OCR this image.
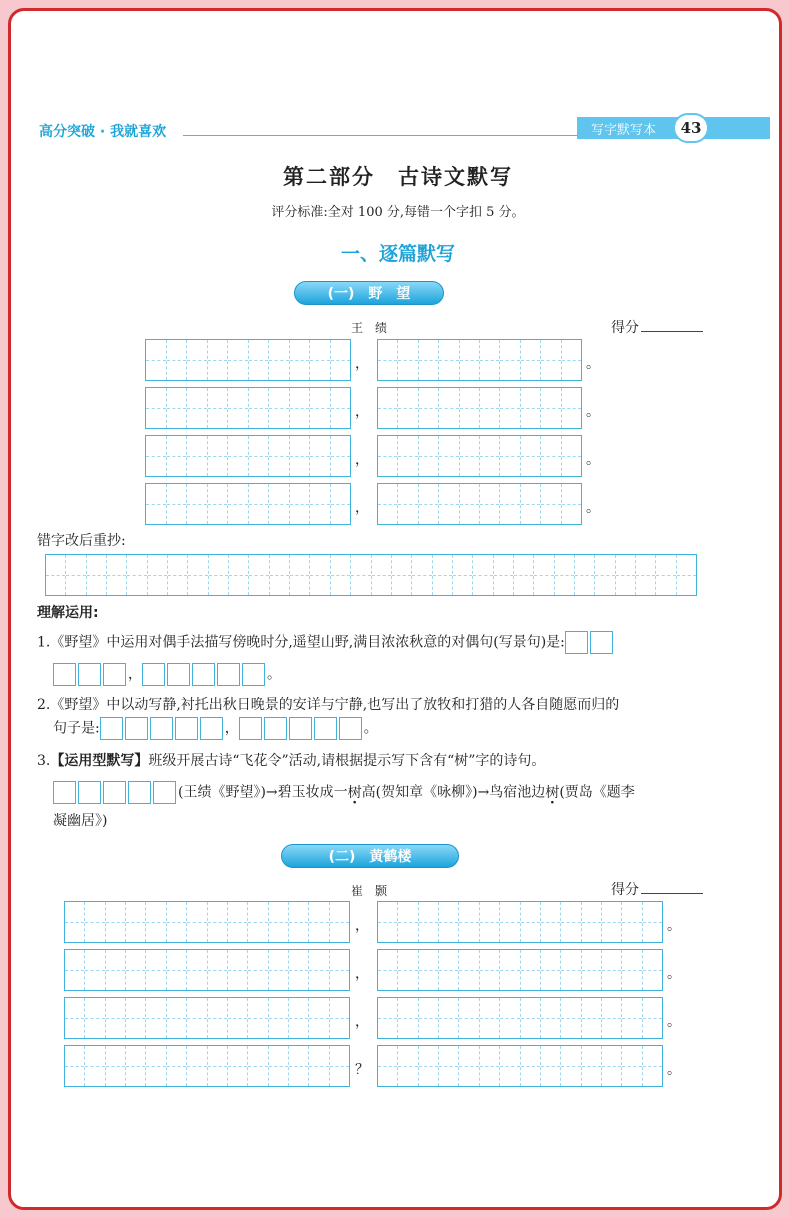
高分突破 · 我就喜欢	写字默写本	43
第二部分　古诗文默写
评分标准:全对 100 分,每错一个字扣 5 分。
一、逐篇默写
(一)　野　望
王　绩	得分
，	。
，	。
，	。
，	。
错字改后重抄:
理解运用:
1.《野望》中运用对偶手法描写傍晚时分,遥望山野,满目浓浓秋意的对偶句(写景句)是:
，	。
2.《野望》中以动写静,衬托出秋日晚景的安详与宁静,也写出了放牧和打猎的人各自随愿而归的
句子是:	，	。
3.【运用型默写】班级开展古诗“飞花令”活动,请根据提示写下含有“树”字的诗句。
(王绩《野望》)→碧玉妆成一树高(贺知章《咏柳》)→鸟宿池边树(贾岛《题李
凝幽居》)
(二)　黄鹤楼
崔　颢	得分
，	。
，	。
，	。
？	。
